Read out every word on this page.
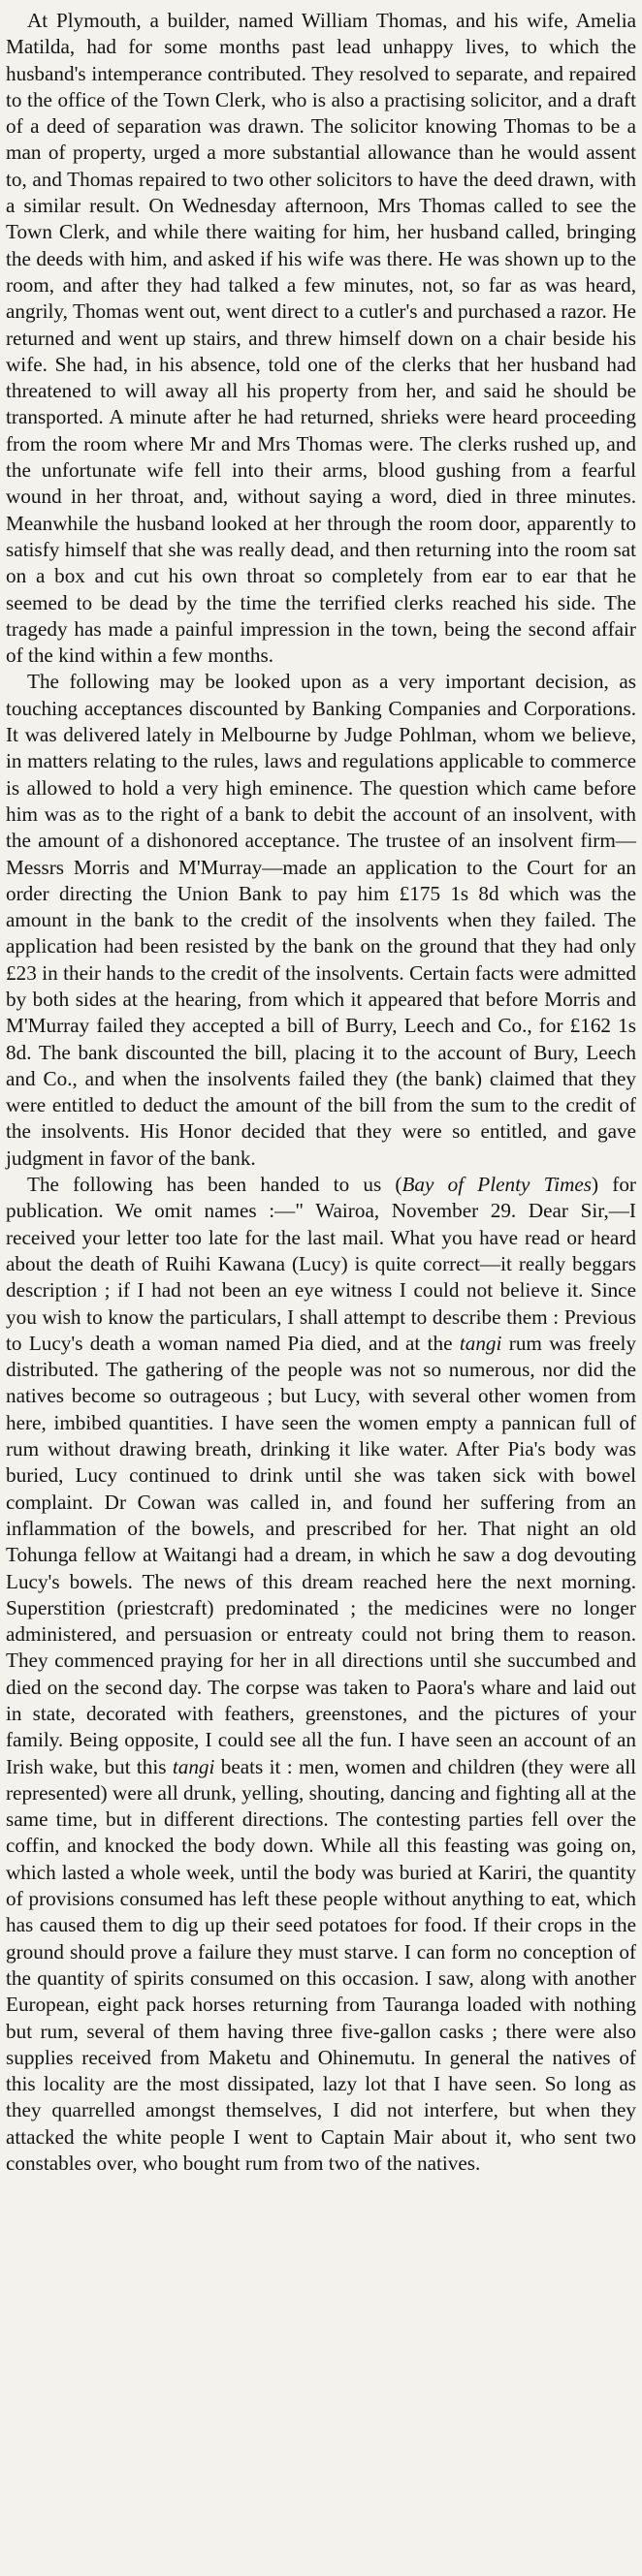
At Plymouth, a builder, named William Thomas, and his wife, Amelia Matilda, had for some months past lead unhappy lives, to which the husband's intemperance contributed. They resolved to separate, and repaired to the office of the Town Clerk, who is also a practising solicitor, and a draft of a deed of separation was drawn. The solicitor knowing Thomas to be a man of property, urged a more substantial allowance than he would assent to, and Thomas repaired to two other solicitors to have the deed drawn, with a similar result. On Wednesday afternoon, Mrs Thomas called to see the Town Clerk, and while there waiting for him, her husband called, bringing the deeds with him, and asked if his wife was there. He was shown up to the room, and after they had talked a few minutes, not, so far as was heard, angrily, Thomas went out, went direct to a cutler's and purchased a razor. He returned and went up stairs, and threw himself down on a chair beside his wife. She had, in his absence, told one of the clerks that her husband had threatened to will away all his property from her, and said he should be transported. A minute after he had returned, shrieks were heard proceeding from the room where Mr and Mrs Thomas were. The clerks rushed up, and the unfortunate wife fell into their arms, blood gushing from a fearful wound in her throat, and, without saying a word, died in three minutes. Meanwhile the husband looked at her through the room door, apparently to satisfy himself that she was really dead, and then returning into the room sat on a box and cut his own throat so completely from ear to ear that he seemed to be dead by the time the terrified clerks reached his side. The tragedy has made a painful impression in the town, being the second affair of the kind within a few months.

The following may be looked upon as a very important decision, as touching acceptances discounted by Banking Companies and Corporations. It was delivered lately in Melbourne by Judge Pohlman, whom we believe, in matters relating to the rules, laws and regulations applicable to commerce is allowed to hold a very high eminence. The question which came before him was as to the right of a bank to debit the account of an insolvent, with the amount of a dishonored acceptance. The trustee of an insolvent firm—Messrs Morris and M'Murray—made an application to the Court for an order directing the Union Bank to pay him £175 1s 8d which was the amount in the bank to the credit of the insolvents when they failed. The application had been resisted by the bank on the ground that they had only £23 in their hands to the credit of the insolvents. Certain facts were admitted by both sides at the hearing, from which it appeared that before Morris and M'Murray failed they accepted a bill of Burry, Leech and Co., for £162 1s 8d. The bank discounted the bill, placing it to the account of Bury, Leech and Co., and when the insolvents failed they (the bank) claimed that they were entitled to deduct the amount of the bill from the sum to the credit of the insolvents. His Honor decided that they were so entitled, and gave judgment in favor of the bank.

The following has been handed to us (Bay of Plenty Times) for publication. We omit names :—" Wairoa, November 29. Dear Sir,—I received your letter too late for the last mail. What you have read or heard about the death of Ruihi Kawana (Lucy) is quite correct—it really beggars description ; if I had not been an eye witness I could not believe it. Since you wish to know the particulars, I shall attempt to describe them : Previous to Lucy's death a woman named Pia died, and at the tangi rum was freely distributed. The gathering of the people was not so numerous, nor did the natives become so outrageous ; but Lucy, with several other women from here, imbibed quantities. I have seen the women empty a pannican full of rum without drawing breath, drinking it like water. After Pia's body was buried, Lucy continued to drink until she was taken sick with bowel complaint. Dr Cowan was called in, and found her suffering from an inflammation of the bowels, and prescribed for her. That night an old Tohunga fellow at Waitangi had a dream, in which he saw a dog devouting Lucy's bowels. The news of this dream reached here the next morning. Superstition (priestcraft) predominated ; the medicines were no longer administered, and persuasion or entreaty could not bring them to reason. They commenced praying for her in all directions until she succumbed and died on the second day. The corpse was taken to Paora's whare and laid out in state, decorated with feathers, greenstones, and the pictures of your family. Being opposite, I could see all the fun. I have seen an account of an Irish wake, but this tangi beats it : men, women and children (they were all represented) were all drunk, yelling, shouting, dancing and fighting all at the same time, but in different directions. The contesting parties fell over the coffin, and knocked the body down. While all this feasting was going on, which lasted a whole week, until the body was buried at Kariri, the quantity of provisions consumed has left these people without anything to eat, which has caused them to dig up their seed potatoes for food. If their crops in the ground should prove a failure they must starve. I can form no conception of the quantity of spirits consumed on this occasion. I saw, along with another European, eight pack horses returning from Tauranga loaded with nothing but rum, several of them having three five-gallon casks ; there were also supplies received from Maketu and Ohinemutu. In general the natives of this locality are the most dissipated, lazy lot that I have seen. So long as they quarrelled amongst themselves, I did not interfere, but when they attacked the white people I went to Captain Mair about it, who sent two constables over, who bought rum from two of the natives.
